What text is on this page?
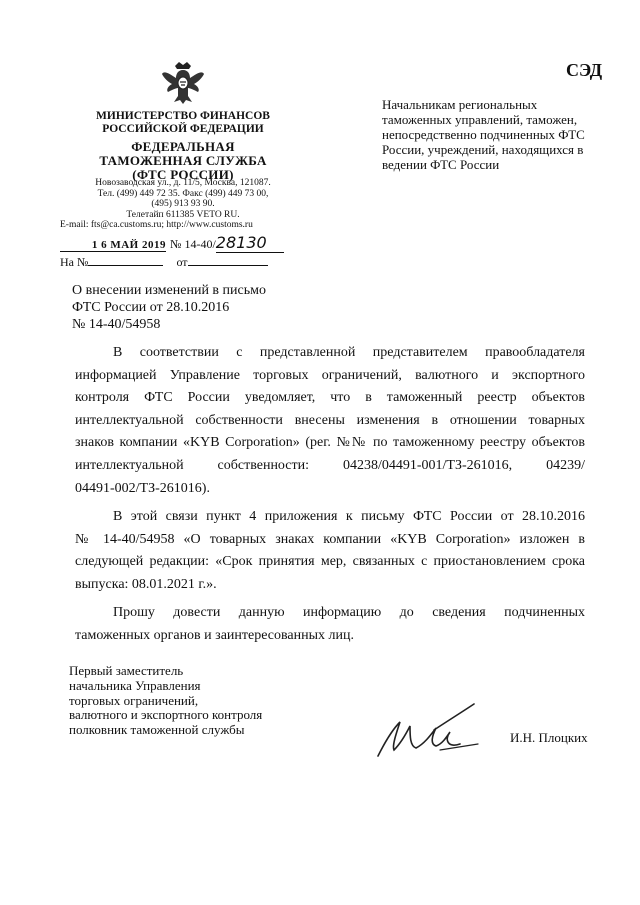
СЭД
МИНИСТЕРСТВО ФИНАНСОВ
РОССИЙСКОЙ ФЕДЕРАЦИИ
ФЕДЕРАЛЬНАЯ
ТАМОЖЕННАЯ СЛУЖБА
(ФТС РОССИИ)
Новозаводская ул., д. 11/5, Москва, 121087.
Тел. (499) 449 72 35. Факс (499) 449 73 00,
(495) 913 93 90.
Телетайп 611385 VETO RU.
E-mail: fts@ca.customs.ru; http://www.customs.ru
Начальникам региональных таможенных управлений, таможен, непосредственно подчиненных ФТС России, учреждений, находящихся в ведении ФТС России
1 6 МАЙ 2019 № 14-40/28130
На №	от
О внесении изменений в письмо
ФТС России от 28.10.2016
№ 14-40/54958
В соответствии с представленной представителем правообладателя
информацией Управление торговых ограничений, валютного и экспортного
контроля ФТС России уведомляет, что в таможенный реестр объектов
интеллектуальной собственности внесены изменения в отношении товарных
знаков компании «KYB Corporation» (рег. №№ по таможенному реестру объектов
интеллектуальной собственности: 04238/04491-001/ТЗ-261016, 04239/
04491-002/ТЗ-261016).
В этой связи пункт 4 приложения к письму ФТС России от 28.10.2016
№ 14-40/54958 «О товарных знаках компании «KYB Corporation» изложен в
следующей редакции: «Срок принятия мер, связанных с приостановлением срока
выпуска: 08.01.2021 г.».
Прошу довести данную информацию до сведения подчиненных
таможенных органов и заинтересованных лиц.
Первый заместитель
начальника Управления
торговых ограничений,
валютного и экспортного контроля
полковник таможенной службы
И.Н. Плоцких
